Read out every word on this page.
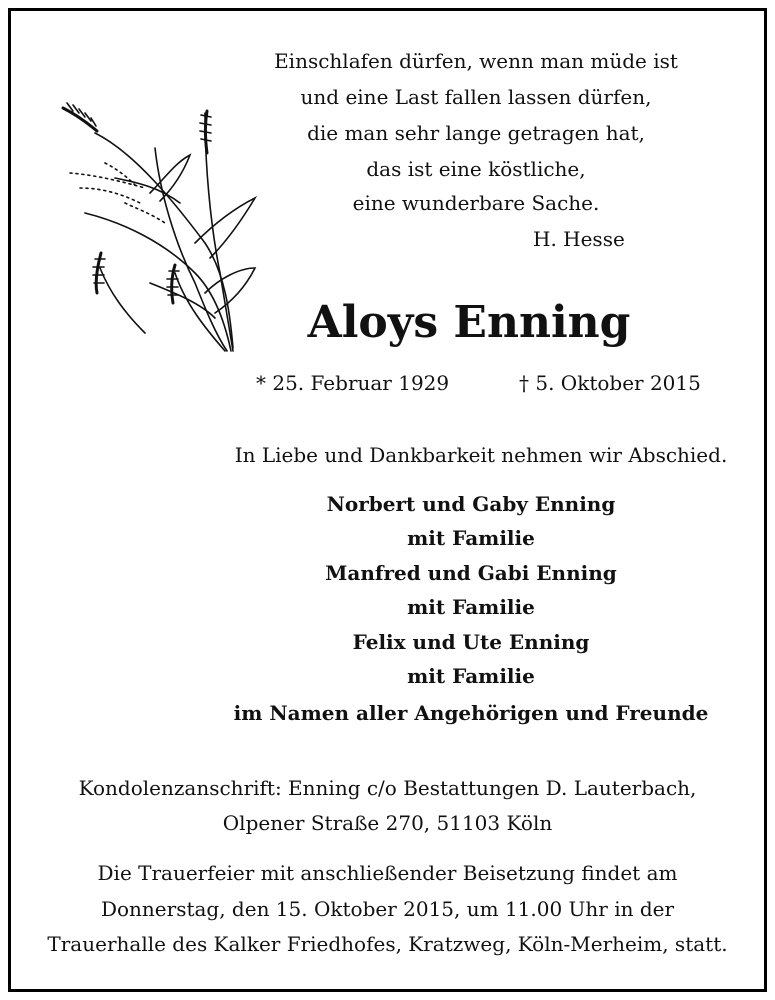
Einschlafen dürfen, wenn man müde ist
und eine Last fallen lassen dürfen,
die man sehr lange getragen hat,
das ist eine köstliche,
eine wunderbare Sache.
H. Hesse
Aloys Enning
* 25. Februar 1929	† 5. Oktober 2015
In Liebe und Dankbarkeit nehmen wir Abschied.
Norbert und Gaby Enning
mit Familie
Manfred und Gabi Enning
mit Familie
Felix und Ute Enning
mit Familie
im Namen aller Angehörigen und Freunde
Kondolenzanschrift: Enning c/o Bestattungen D. Lauterbach,
Olpener Straße 270, 51103 Köln
Die Trauerfeier mit anschließender Beisetzung findet am
Donnerstag, den 15. Oktober 2015, um 11.00 Uhr in der
Trauerhalle des Kalker Friedhofes, Kratzweg, Köln-Merheim, statt.
